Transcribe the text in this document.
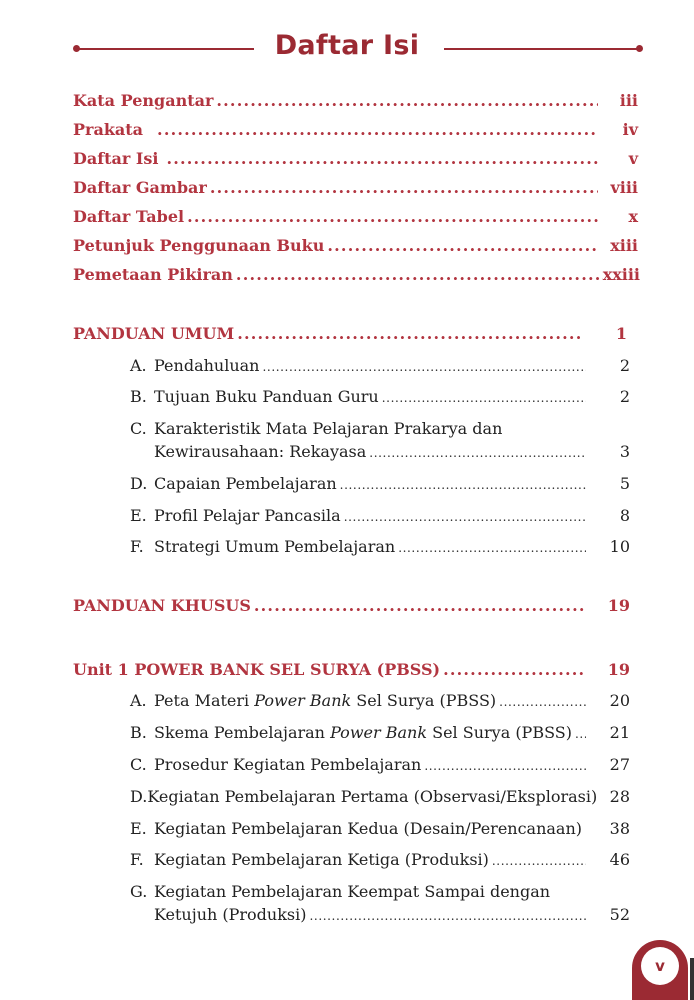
Daftar Isi
Kata Pengantar .....	iii
Prakata .....	iv
Daftar Isi .....	v
Daftar Gambar .....	viii
Daftar Tabel .....	x
Petunjuk Penggunaan Buku .....	xiii
Pemetaan Pikiran .....	xxiii
PANDUAN UMUM .....	1
A. Pendahuluan .....	2
B. Tujuan Buku Panduan Guru .....	2
C. Karakteristik Mata Pelajaran Prakarya dan
Kewirausahaan: Rekayasa .....	3
D. Capaian Pembelajaran .....	5
E. Profil Pelajar Pancasila .....	8
F. Strategi Umum Pembelajaran .....	10
PANDUAN KHUSUS .....	19
Unit 1 POWER BANK SEL SURYA (PBSS) .....	19
A. Peta Materi Power Bank Sel Surya (PBSS) .....	20
B. Skema Pembelajaran Power Bank Sel Surya (PBSS) .....	21
C. Prosedur Kegiatan Pembelajaran .....	27
D. Kegiatan Pembelajaran Pertama (Observasi/Eksplorasi) 28
E. Kegiatan Pembelajaran Kedua (Desain/Perencanaan) .....	38
F. Kegiatan Pembelajaran Ketiga (Produksi) .....	46
G. Kegiatan Pembelajaran Keempat Sampai dengan
Ketujuh (Produksi) .....	52
v
